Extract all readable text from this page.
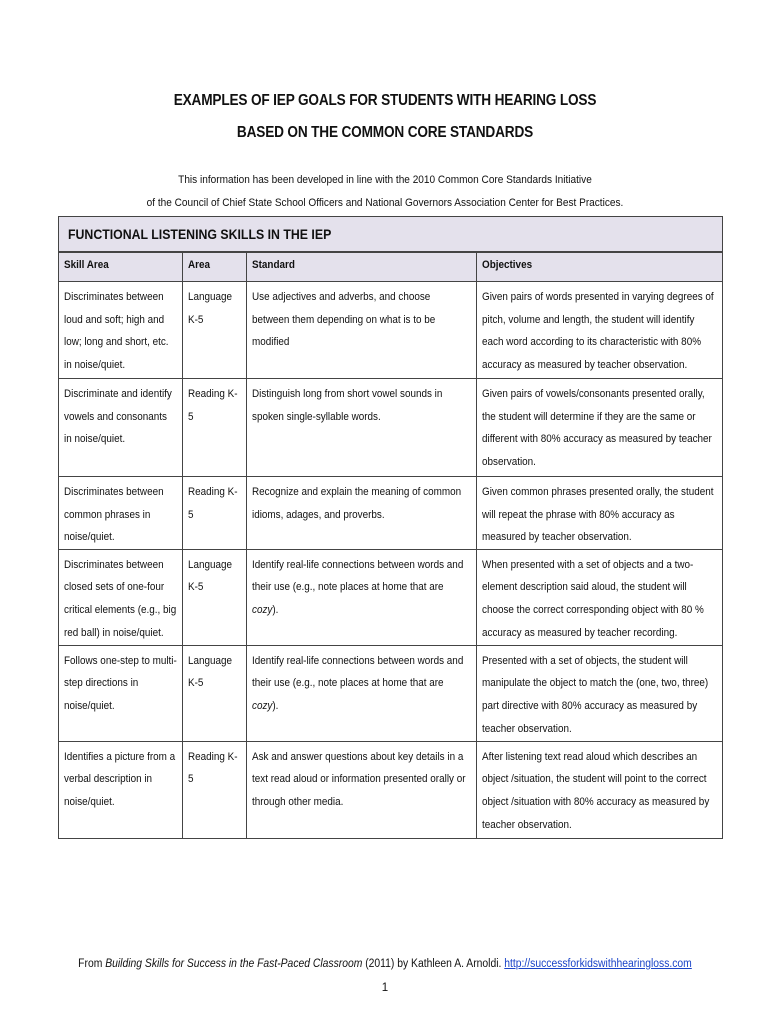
EXAMPLES OF IEP GOALS FOR STUDENTS WITH HEARING LOSS
BASED ON THE COMMON CORE STANDARDS
This information has been developed in line with the 2010 Common Core Standards Initiative
of the Council of Chief State School Officers and National Governors Association Center for Best Practices.
FUNCTIONAL LISTENING SKILLS IN THE IEP
Skill Area	Area	Standard	Objectives

Discriminates between loud and soft; high and low; long and short, etc. in noise/quiet.	Language K-5	Use adjectives and adverbs, and choose between them depending on what is to be modified	Given pairs of words presented in varying degrees of pitch, volume and length, the student will identify each word according to its characteristic with 80% accuracy as measured by teacher observation.

Discriminate and identify vowels and consonants in noise/quiet.	Reading K-5	Distinguish long from short vowel sounds in spoken single-syllable words.	Given pairs of vowels/consonants presented orally, the student will determine if they are the same or different with 80% accuracy as measured by teacher observation.

Discriminates between common phrases in noise/quiet.	Reading K-5	Recognize and explain the meaning of common idioms, adages, and proverbs.	Given common phrases presented orally, the student will repeat the phrase with 80% accuracy as measured by teacher observation.

Discriminates between closed sets of one-four critical elements (e.g., big red ball) in noise/quiet.	Language K-5	Identify real-life connections between words and their use (e.g., note places at home that are cozy).	When presented with a set of objects and a two-element description said aloud, the student will choose the correct corresponding object with 80 % accuracy as measured by teacher recording.

Follows one-step to multi-step directions in noise/quiet.	Language K-5	Identify real-life connections between words and their use (e.g., note places at home that are cozy).	Presented with a set of objects, the student will manipulate the object to match the (one, two, three) part directive with 80% accuracy as measured by teacher observation.

Identifies a picture from a verbal description in noise/quiet.	Reading K-5	Ask and answer questions about key details in a text read aloud or information presented orally or through other media.	After listening text read aloud which describes an object /situation, the student will point to the correct object /situation with 80% accuracy as measured by teacher observation.
From Building Skills for Success in the Fast-Paced Classroom (2011) by Kathleen A. Arnoldi. http://successforkidswithhearingloss.com
1
